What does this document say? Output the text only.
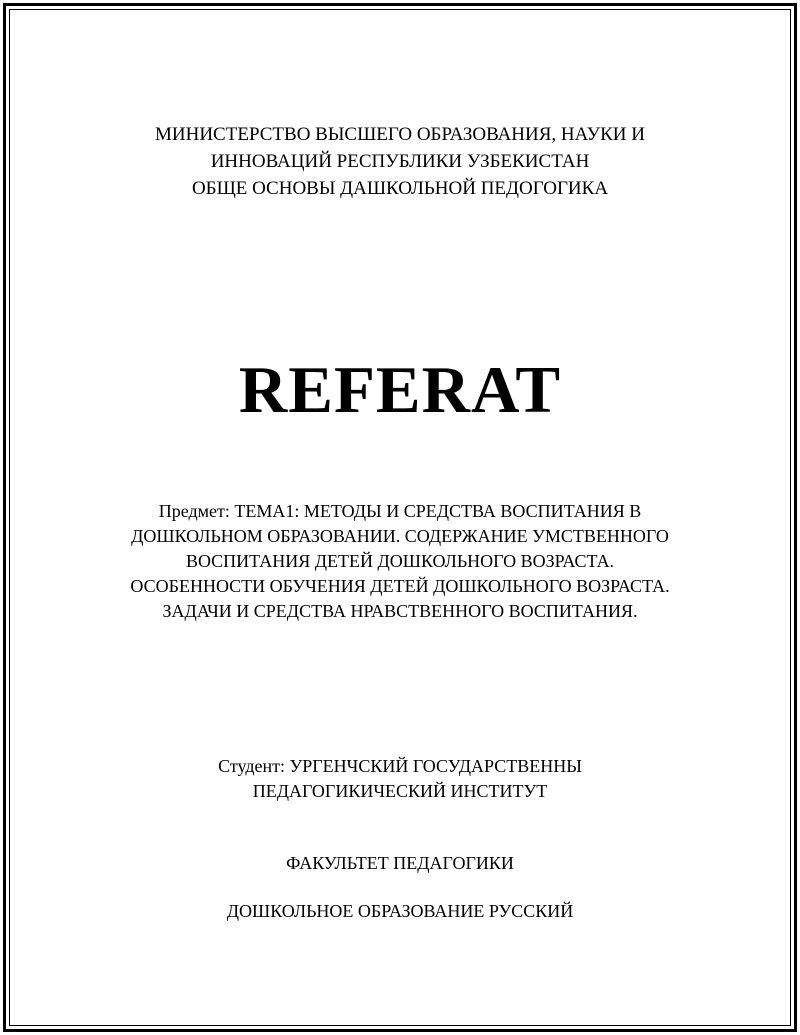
МИНИСТЕРСТВО ВЫСШЕГО ОБРАЗОВАНИЯ, НАУКИ И
ИННОВАЦИЙ РЕСПУБЛИКИ УЗБЕКИСТАН
ОБЩЕ ОСНОВЫ ДАШКОЛЬНОЙ ПЕДОГОГИКА
REFERAT
Предмет: ТЕМА1: МЕТОДЫ И СРЕДСТВА ВОСПИТАНИЯ В
ДОШКОЛЬНОМ ОБРАЗОВАНИИ. СОДЕРЖАНИЕ УМСТВЕННОГО
ВОСПИТАНИЯ ДЕТЕЙ ДОШКОЛЬНОГО ВОЗРАСТА.
ОСОБЕННОСТИ ОБУЧЕНИЯ ДЕТЕЙ ДОШКОЛЬНОГО ВОЗРАСТА.
ЗАДАЧИ И СРЕДСТВА НРАВСТВЕННОГО ВОСПИТАНИЯ.
Студент: УРГЕНЧСКИЙ ГОСУДАРСТВЕННЫ
ПЕДАГОГИКИЧЕСКИЙ ИНСТИТУТ
ФАКУЛЬТЕТ ПЕДАГОГИКИ
ДОШКОЛЬНОЕ ОБРАЗОВАНИЕ РУССКИЙ
